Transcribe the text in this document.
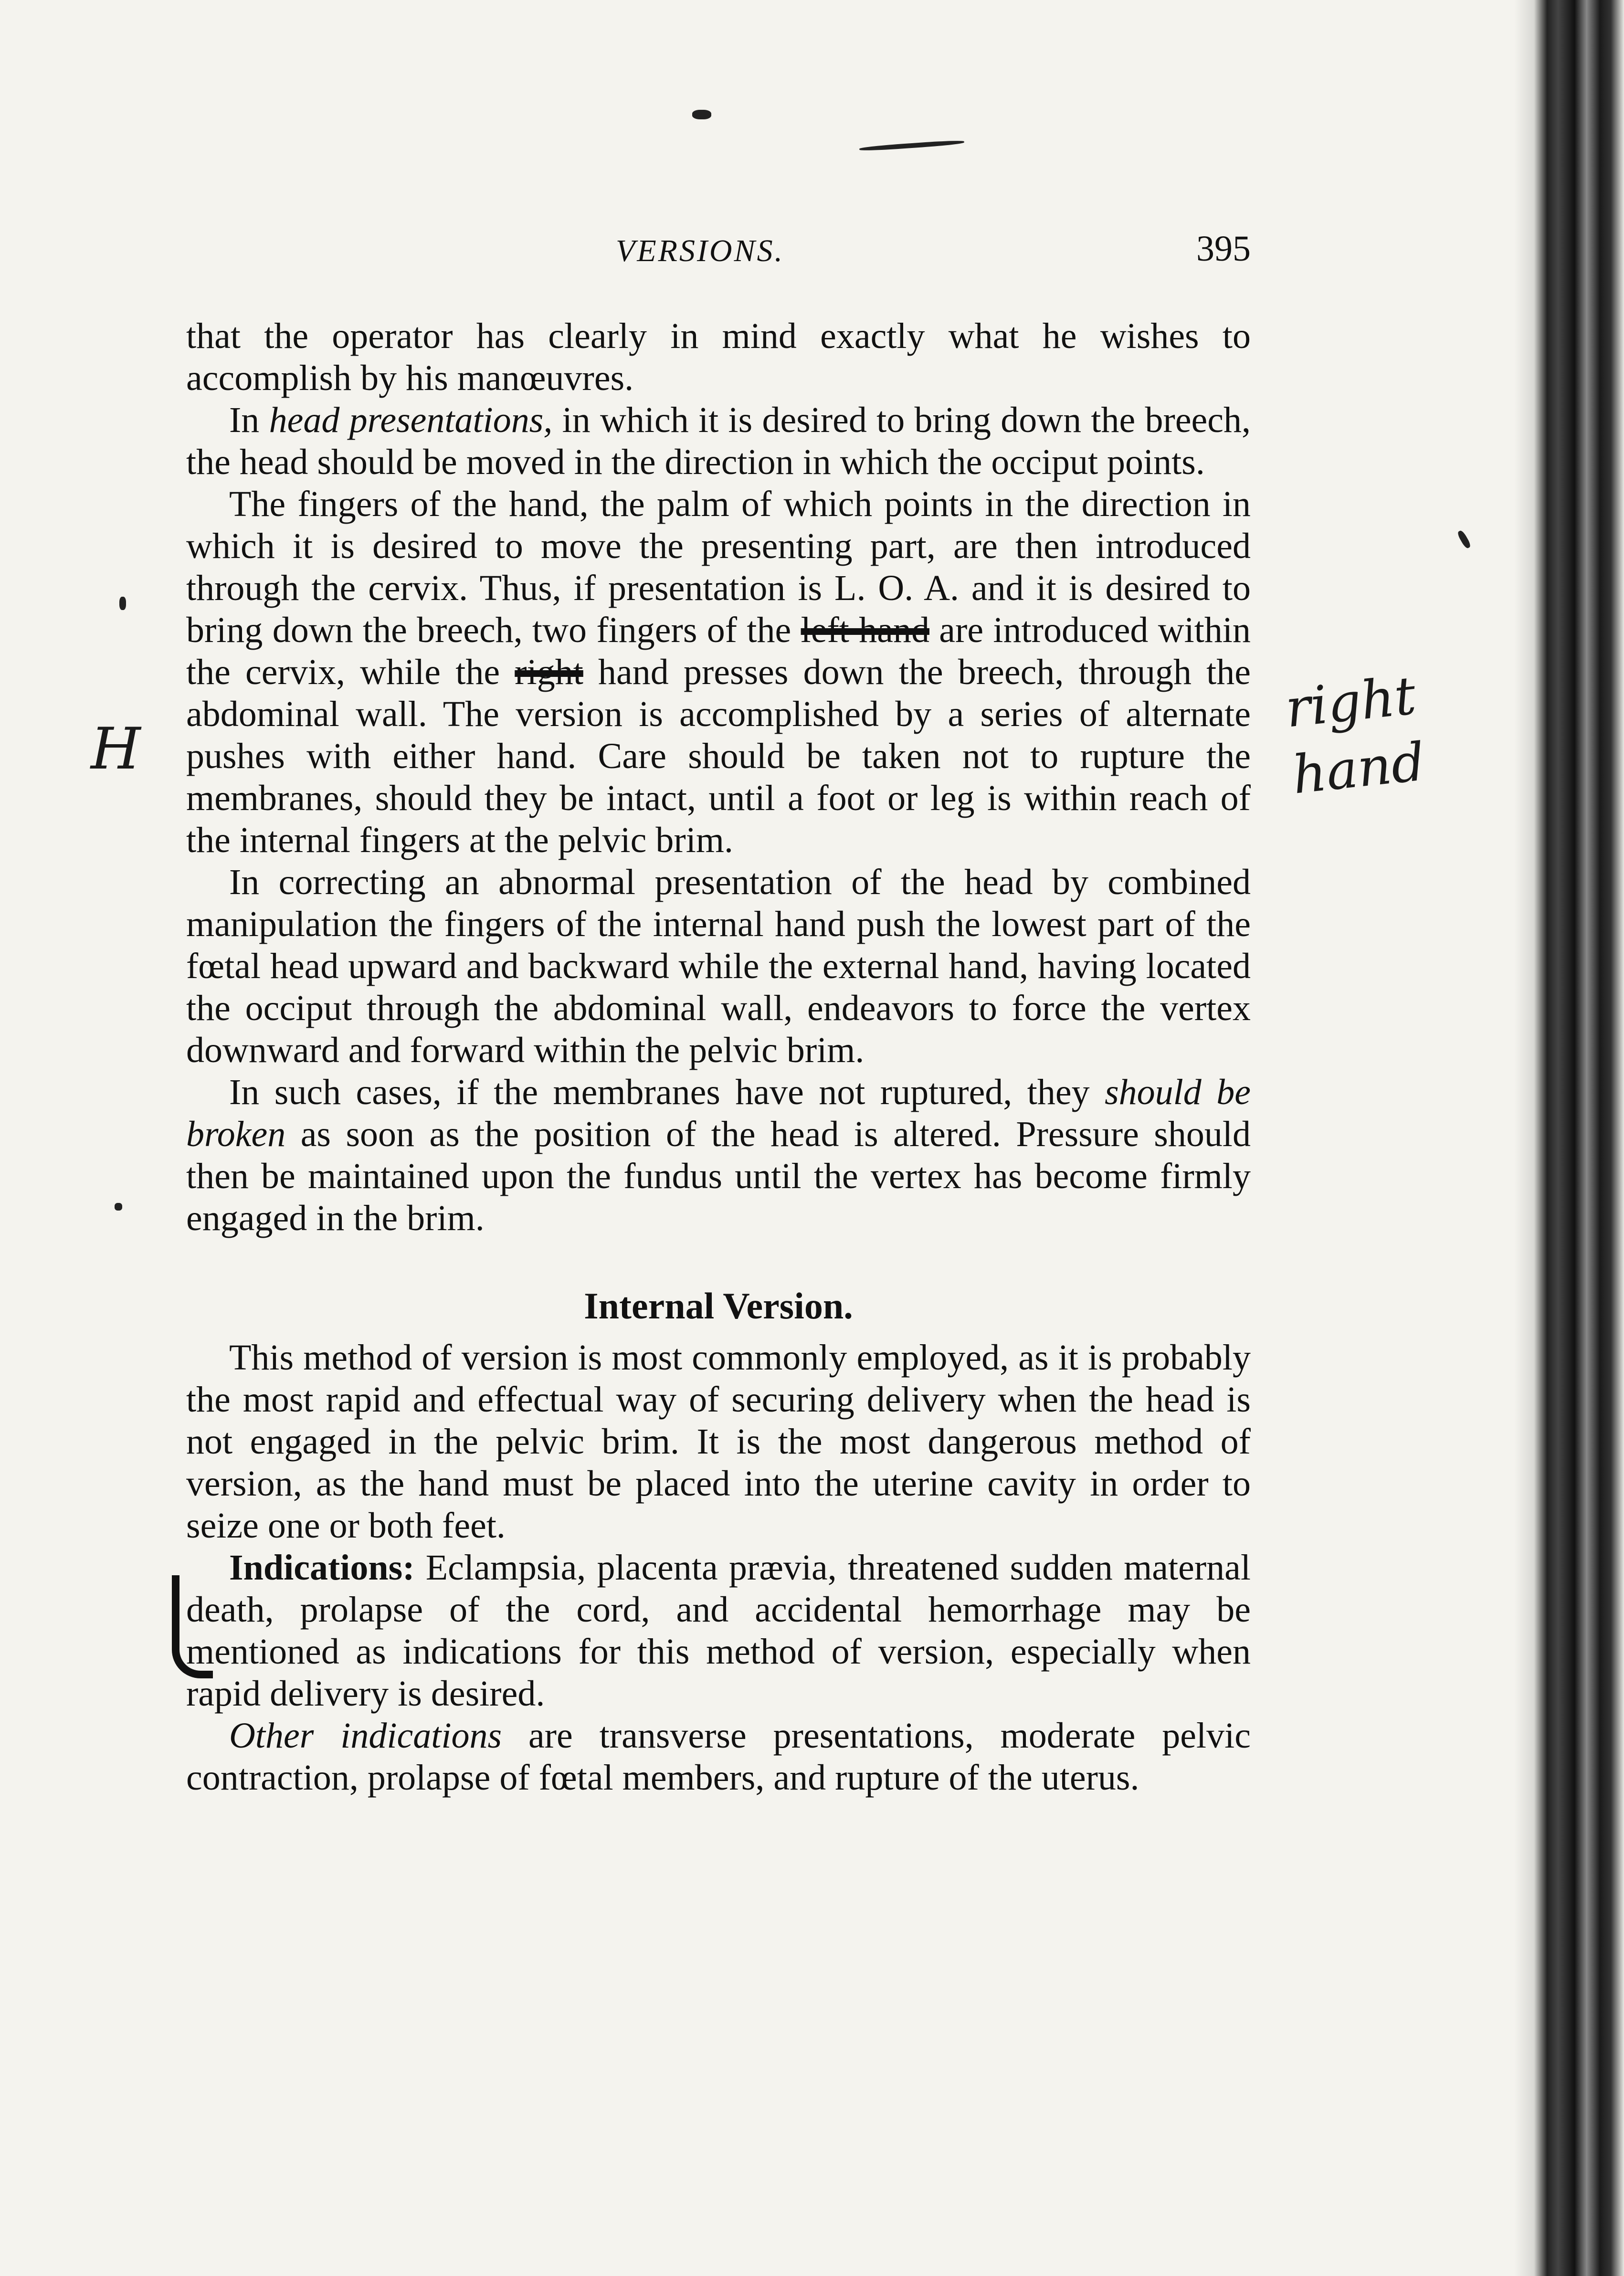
VERSIONS.	395

that the operator has clearly in mind exactly what he wishes to accomplish by his manœuvres.

In head presentations, in which it is desired to bring down the breech, the head should be moved in the direction in which the occiput points.

The fingers of the hand, the palm of which points in the direction in which it is desired to move the presenting part, are then introduced through the cervix. Thus, if presentation is L. O. A. and it is desired to bring down the breech, two fingers of the left hand are introduced within the cervix, while the right hand presses down the breech, through the abdominal wall. The version is accomplished by a series of alternate pushes with either hand. Care should be taken not to rupture the membranes, should they be intact, until a foot or leg is within reach of the internal fingers at the pelvic brim.

In correcting an abnormal presentation of the head by combined manipulation the fingers of the internal hand push the lowest part of the fœtal head upward and backward while the external hand, having located the occiput through the abdominal wall, endeavors to force the vertex downward and forward within the pelvic brim.

In such cases, if the membranes have not ruptured, they should be broken as soon as the position of the head is altered. Pressure should then be maintained upon the fundus until the vertex has become firmly engaged in the brim.

Internal Version.

This method of version is most commonly employed, as it is probably the most rapid and effectual way of securing delivery when the head is not engaged in the pelvic brim. It is the most dangerous method of version, as the hand must be placed into the uterine cavity in order to seize one or both feet.

Indications: Eclampsia, placenta prævia, threatened sudden maternal death, prolapse of the cord, and accidental hemorrhage may be mentioned as indications for this method of version, especially when rapid delivery is desired.

Other indications are transverse presentations, moderate pelvic contraction, prolapse of fœtal members, and rupture of the uterus.

right
hand
H
